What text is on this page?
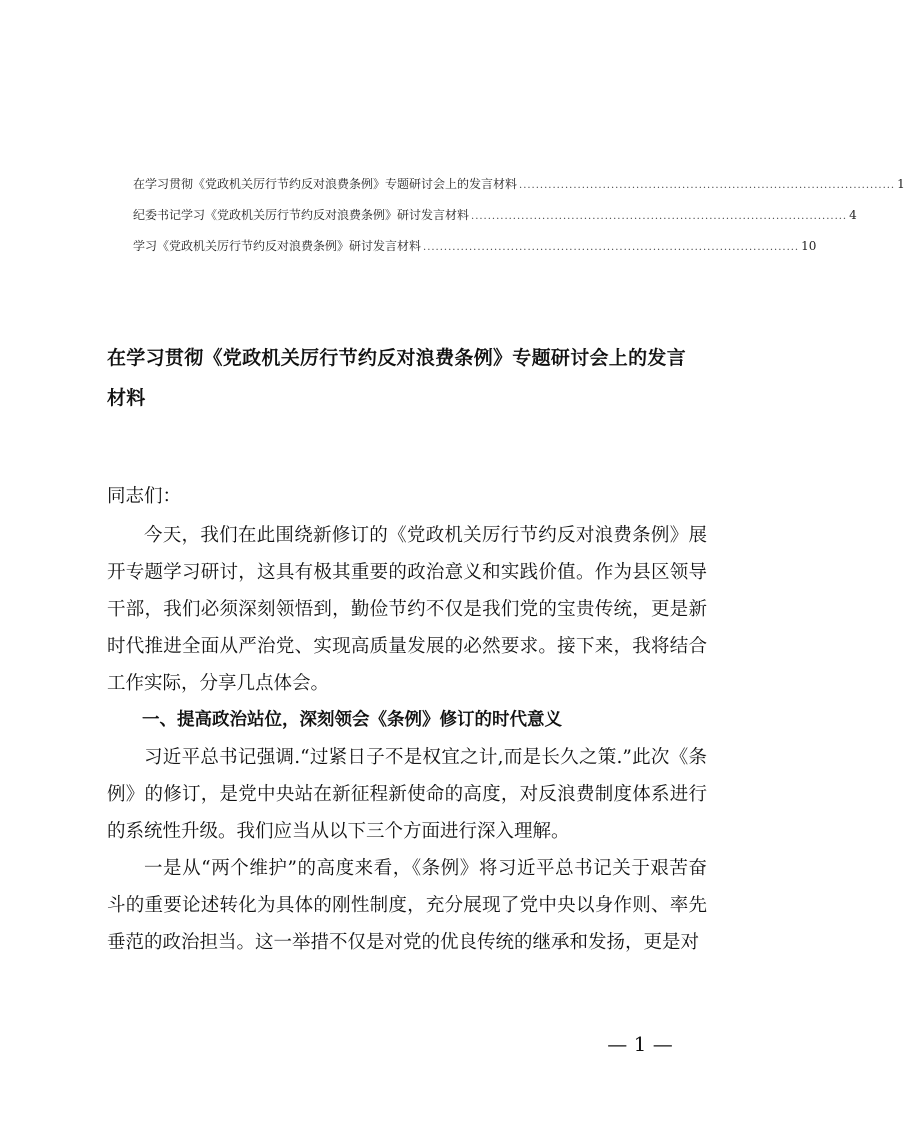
在学习贯彻《党政机关厉行节约反对浪费条例》专题研讨会上的发言材料 .......................................................................................... 1
纪委书记学习《党政机关厉行节约反对浪费条例》研讨发言材料 .......................................................................................... 4
学习《党政机关厉行节约反对浪费条例》研讨发言材料 .......................................................................................... 10
在学习贯彻《党政机关厉行节约反对浪费条例》专题研讨会上的发言材料

同志们：

今天，我们在此围绕新修订的《党政机关厉行节约反对浪费条例》展开专题学习研讨，这具有极其重要的政治意义和实践价值。作为县区领导干部，我们必须深刻领悟到，勤俭节约不仅是我们党的宝贵传统，更是新时代推进全面从严治党、实现高质量发展的必然要求。接下来，我将结合工作实际，分享几点体会。

一、提高政治站位，深刻领会《条例》修订的时代意义

习近平总书记强调.“过紧日子不是权宜之计,而是长久之策.”此次《条例》的修订，是党中央站在新征程新使命的高度，对反浪费制度体系进行的系统性升级。我们应当从以下三个方面进行深入理解。

一是从“两个维护”的高度来看，《条例》将习近平总书记关于艰苦奋斗的重要论述转化为具体的刚性制度，充分展现了党中央以身作则、率先垂范的政治担当。这一举措不仅是对党的优良传统的继承和发扬，更是对

— 1 —
